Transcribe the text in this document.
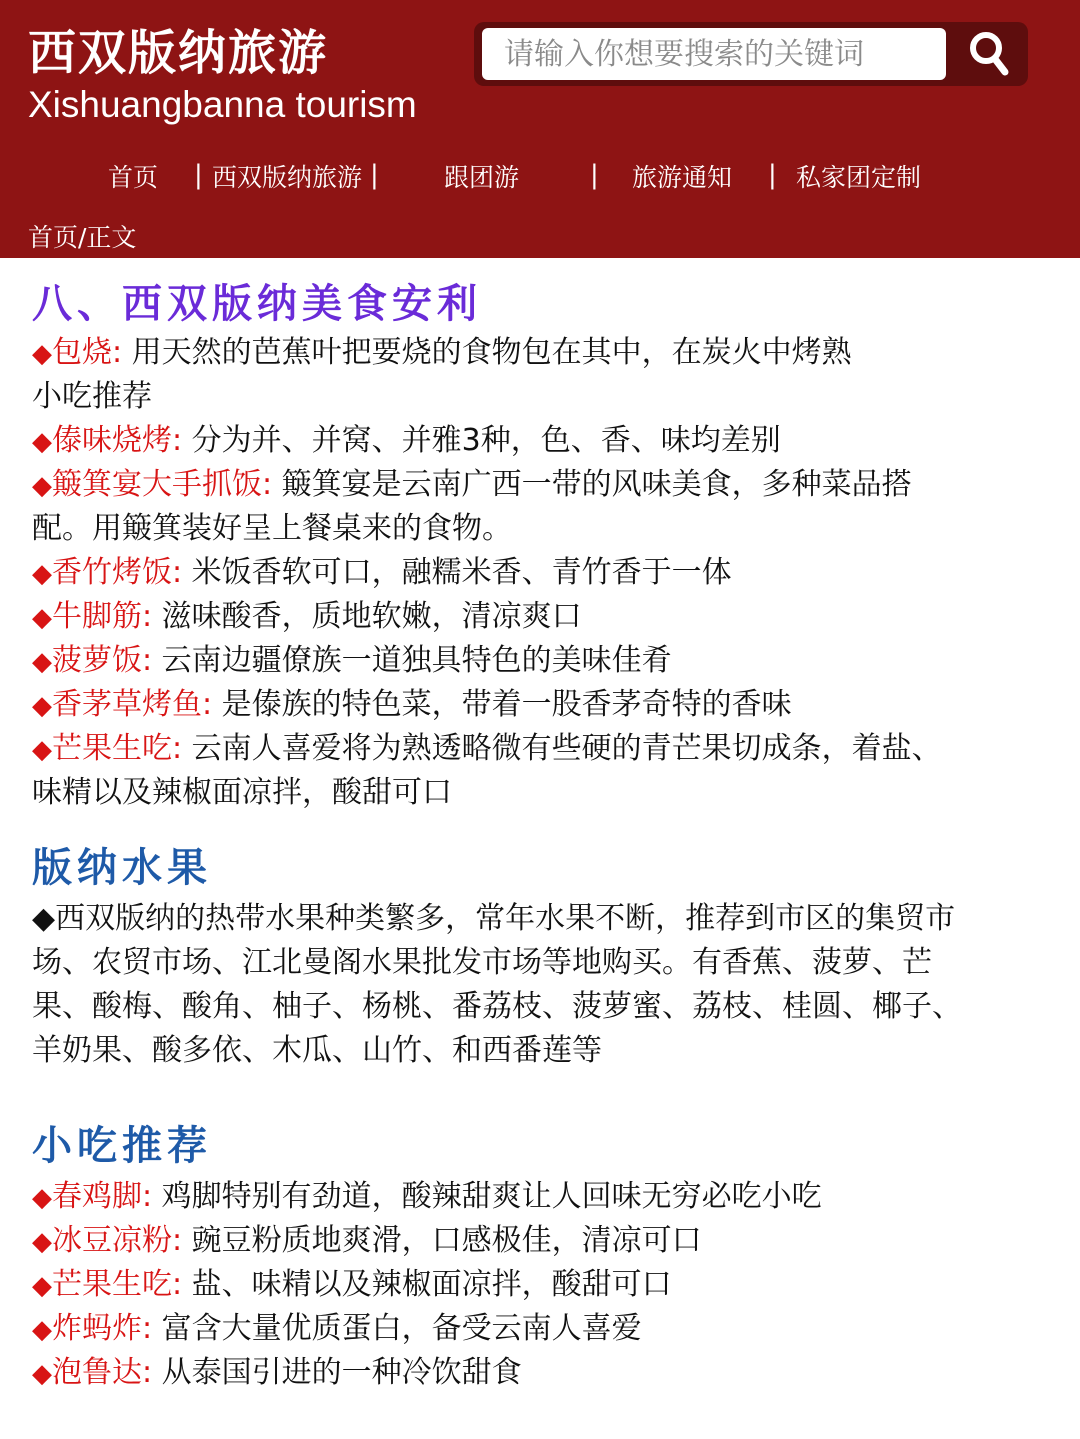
西双版纳旅游
Xishuangbanna tourism
请输入你想要搜索的关键词
首页 | 西双版纳旅游 |	跟团游	| 旅游通知 | 私家团定制
首页/正文
八、西双版纳美食安利
◆包烧: 用天然的芭蕉叶把要烧的食物包在其中，在炭火中烤熟
小吃推荐
◆傣味烧烤: 分为并、并窝、并雅3种，色、香、味均差别
◆簸箕宴大手抓饭: 簸箕宴是云南广西一带的风味美食，多种菜品搭
配。用簸箕装好呈上餐桌来的食物。
◆香竹烤饭: 米饭香软可口，融糯米香、青竹香于一体
◆牛脚筋: 滋味酸香，质地软嫩，清凉爽口
◆菠萝饭: 云南边疆僚族一道独具特色的美味佳肴
◆香茅草烤鱼: 是傣族的特色菜，带着一股香茅奇特的香味
◆芒果生吃: 云南人喜爱将为熟透略微有些硬的青芒果切成条，着盐、
味精以及辣椒面凉拌，酸甜可口
版纳水果
◆西双版纳的热带水果种类繁多，常年水果不断，推荐到市区的集贸市
场、农贸市场、江北曼阁水果批发市场等地购买。有香蕉、菠萝、芒
果、酸梅、酸角、柚子、杨桃、番荔枝、菠萝蜜、荔枝、桂圆、椰子、
羊奶果、酸多依、木瓜、山竹、和西番莲等
小吃推荐
◆春鸡脚: 鸡脚特别有劲道，酸辣甜爽让人回味无穷必吃小吃
◆冰豆凉粉: 豌豆粉质地爽滑，口感极佳，清凉可口
◆芒果生吃: 盐、味精以及辣椒面凉拌，酸甜可口
◆炸蚂炸: 富含大量优质蛋白，备受云南人喜爱
◆泡鲁达: 从泰国引进的一种冷饮甜食
